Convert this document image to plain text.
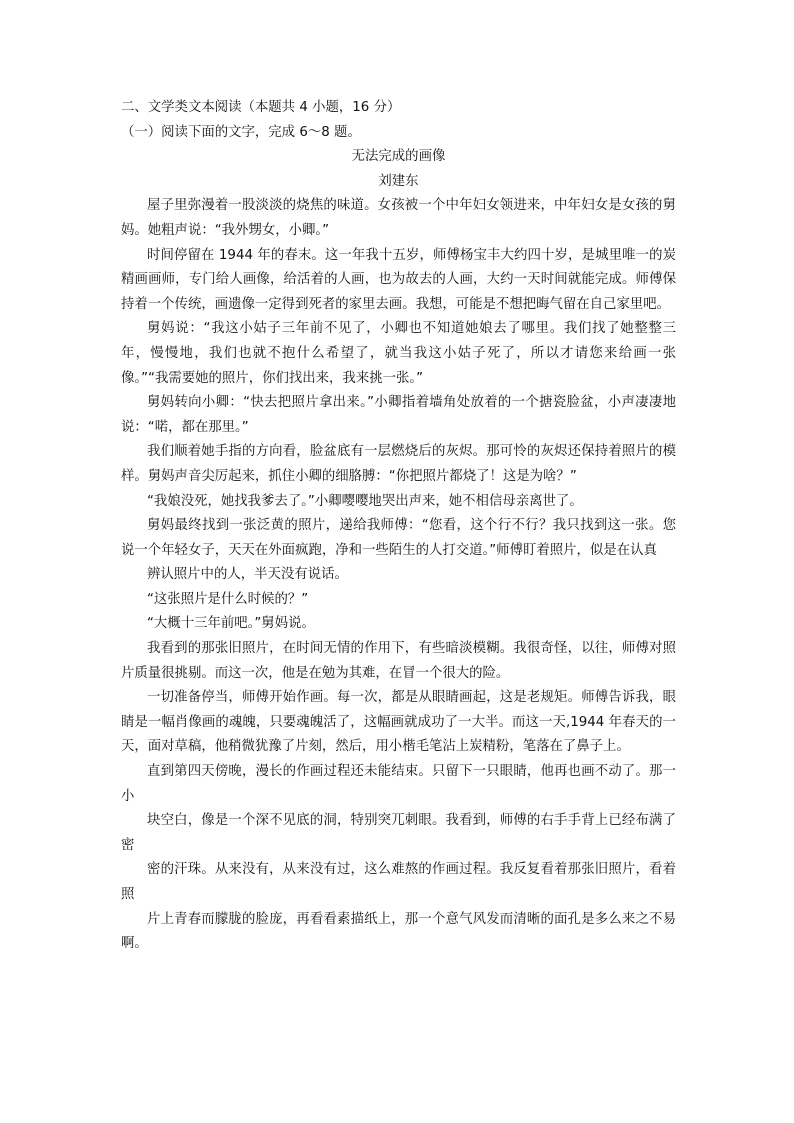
二、文学类文本阅读（本题共 4 小题，16 分）
（一）阅读下面的文字，完成 6～8 题。
无法完成的画像
刘建东

屋子里弥漫着一股淡淡的烧焦的味道。女孩被一个中年妇女领进来，中年妇女是女孩的舅妈。她粗声说：“我外甥女，小卿。”

时间停留在 1944 年的春末。这一年我十五岁，师傅杨宝丰大约四十岁，是城里唯一的炭精画画师，专门给人画像，给活着的人画，也为故去的人画，大约一天时间就能完成。师傅保持着一个传统，画遗像一定得到死者的家里去画。我想，可能是不想把晦气留在自己家里吧。

舅妈说：“我这小姑子三年前不见了，小卿也不知道她娘去了哪里。我们找了她整整三年，慢慢地，我们也就不抱什么希望了，就当我这小姑子死了，所以才请您来给画一张像。”“我需要她的照片，你们找出来，我来挑一张。”

舅妈转向小卿：“快去把照片拿出来。”小卿指着墙角处放着的一个搪瓷脸盆，小声凄凄地说：“喏，都在那里。”

我们顺着她手指的方向看，脸盆底有一层燃烧后的灰烬。那可怜的灰烬还保持着照片的模样。舅妈声音尖厉起来，抓住小卿的细胳膊：“你把照片都烧了！这是为啥？”

“我娘没死，她找我爹去了。”小卿嘤嘤地哭出声来，她不相信母亲离世了。

舅妈最终找到一张泛黄的照片，递给我师傅：“您看，这个行不行？我只找到这一张。您说一个年轻女子，天天在外面疯跑，净和一些陌生的人打交道。”师傅盯着照片，似是在认真

辨认照片中的人，半天没有说话。

“这张照片是什么时候的？”

“大概十三年前吧。”舅妈说。

我看到的那张旧照片，在时间无情的作用下，有些暗淡模糊。我很奇怪，以往，师傅对照片质量很挑剔。而这一次，他是在勉为其难，在冒一个很大的险。

一切准备停当，师傅开始作画。每一次，都是从眼睛画起，这是老规矩。师傅告诉我，眼睛是一幅肖像画的魂魄，只要魂魄活了，这幅画就成功了一大半。而这一天,1944 年春天的一天，面对草稿，他稍微犹豫了片刻，然后，用小楷毛笔沾上炭精粉，笔落在了鼻子上。

直到第四天傍晚，漫长的作画过程还未能结束。只留下一只眼睛，他再也画不动了。那一小

块空白，像是一个深不见底的洞，特别突兀刺眼。我看到，师傅的右手手背上已经布满了密

密的汗珠。从来没有，从来没有过，这么难熬的作画过程。我反复看着那张旧照片，看着照

片上青春而朦胧的脸庞，再看看素描纸上，那一个意气风发而清晰的面孔是多么来之不易啊。
